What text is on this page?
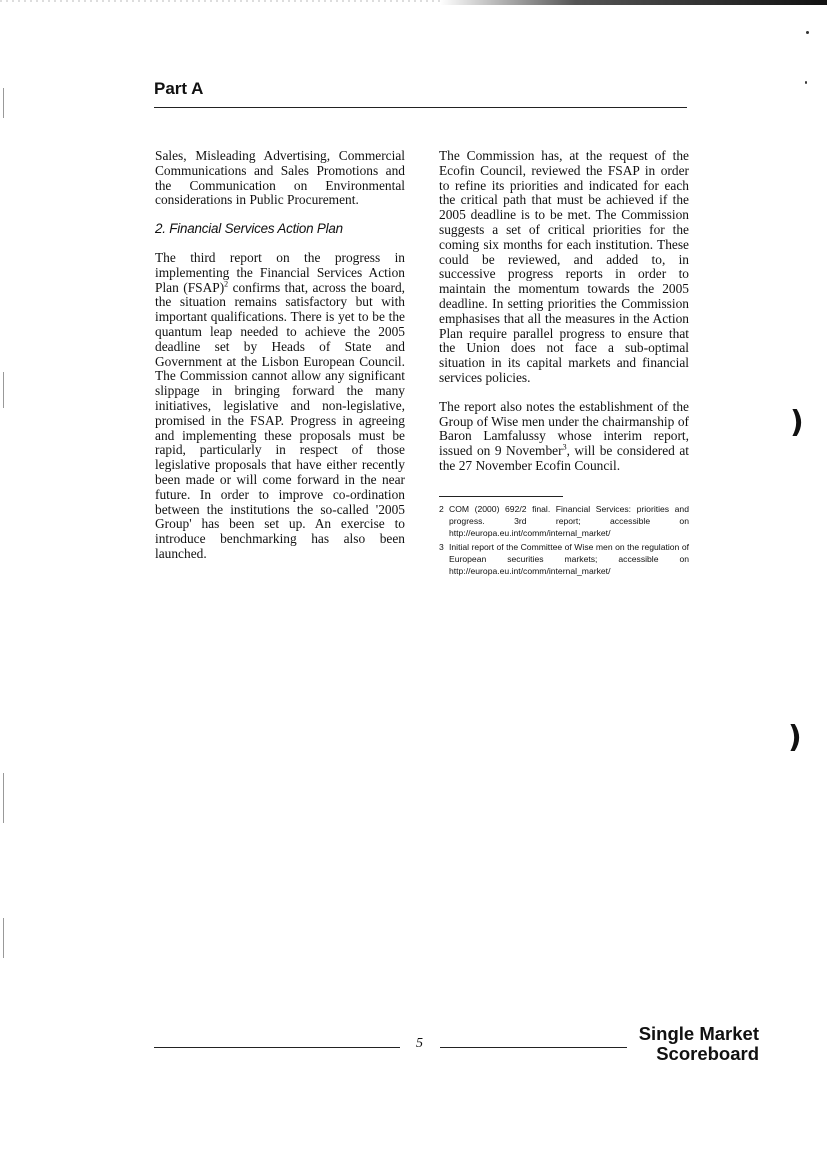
)
)
Part A

Sales, Misleading Advertising, Commercial Communications and Sales Promotions and the Communication on Environmental considerations in Public Procurement.

2. Financial Services Action Plan

The third report on the progress in implementing the Financial Services Action Plan (FSAP)$^2$ confirms that, across the board, the situation remains satisfactory but with important qualifications. There is yet to be the quantum leap needed to achieve the 2005 deadline set by Heads of State and Government at the Lisbon European Council. The Commission cannot allow any significant slippage in bringing forward the many initiatives, legislative and non-legislative, promised in the FSAP. Progress in agreeing and implementing these proposals must be rapid, particularly in respect of those legislative proposals that have either recently been made or will come forward in the near future. In order to improve co-ordination between the institutions the so-called '2005 Group' has been set up. An exercise to introduce benchmarking has also been launched.

The Commission has, at the request of the Ecofin Council, reviewed the FSAP in order to refine its priorities and indicated for each the critical path that must be achieved if the 2005 deadline is to be met. The Commission suggests a set of critical priorities for the coming six months for each institution. These could be reviewed, and added to, in successive progress reports in order to maintain the momentum towards the 2005 deadline. In setting priorities the Commission emphasises that all the measures in the Action Plan require parallel progress to ensure that the Union does not face a sub-optimal situation in its capital markets and financial services policies.

The report also notes the establishment of the Group of Wise men under the chairmanship of Baron Lamfalussy whose interim report, issued on 9 November$^3$, will be considered at the 27 November Ecofin Council.

2 COM (2000) 692/2 final. Financial Services: priorities and progress. 3rd report; accessible on http://europa.eu.int/comm/internal_market/
3 Initial report of the Committee of Wise men on the regulation of European securities markets; accessible on http://europa.eu.int/comm/internal_market/
5	Single Market
Scoreboard
